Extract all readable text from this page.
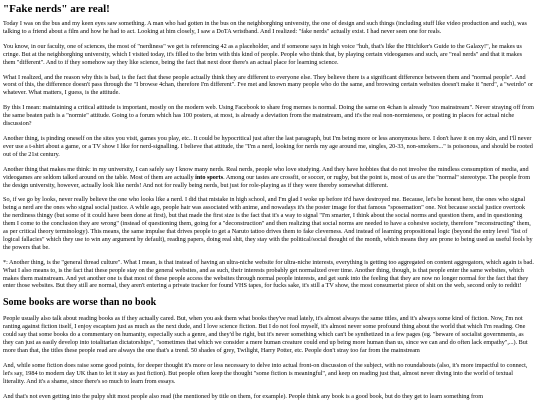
"Fake nerds" are real!

Today I was on the bus and my keen eyes saw something. A man who had gotten in the bus on the neighborghing university, the one of design and such things (including stuff like video production and such), was talking to a friend about a film and how he had to act. Looking at him closely, I saw a DoTA wristband. And I realized: "fake nerds" actually exist. I had never seen one for reals.

You know, in our faculty, one of sciences, the most of "nerdiness" we get is referencing 42 as a placeholder, and if someone says in high voice "huh, that's like the Hitchiker's Guide to the Galaxy!", he makes us cringe. But at the neighborghing university, which I visited today, it's filled to the brim with this kind of people. People who think that, by playing certain videogames and such, are "real nerds" and that it makes them "different". And to if they somehow say they like science, being the fact that next door there's an actual place for learning science.

What I realized, and the reason why this is bad, is the fact that these people actually think they are different to everyone else. They believe there is a significant difference between them and "normal people". And worst of this, the difference doesn't pass through the "I browse 4chan, therefore I'm different". I've met and known many people who do the same, and browsing certain websites doesn't make it "nerd", a "weirdo" or whatever. What matters, I guess, is the attitude.

By this I mean: maintaining a critical attitude is important, mostly on the modern web. Using Facebook to share frog memes is normal. Doing the same on 4chan is already "too mainstream". Never straying off from the same beaten path is a "normie" attitude. Going to a forum which has 100 posters, at most, is already a deviation from the mainstream, and it's the real non-normieness, or posting in places for actual niche discussion?

Another thing, is pinding oneself on the sites you visit, games you play, etc.. It could be hypocritical just after the last paragraph, but I'm being more or less anonymous here. I don't have it on my skin, and I'll never ever use a t-shirt about a game, or a TV show I like for nerd-signalling. I believe that attitude, the "I'm a nerd, looking for nerds my age around me, singles, 20-33, non-smokers..." is poisonous, and should be rooted out of the 21st century.

Another thing that makes me think: in my university, I can safely say I know many nerds. Real nerds, people who love studying. And they have hobbies that do not involve the mindless consumption of media, and videogames are seldom talked around on the table. Most of them are actually into sports. Among our tastes are crossfit, or soccer, or rugby, but the point is, most of us are the "normal" stereotype. The people from the design university, however, actually look like nerds! And not for really being nerds, but just for role-playing as if they were thereby somewhat different.

So, if we go by looks, never really believe the one who looks like a nerd. I did that mistake in high school, and I'm glad I woke up before it'd have destroyed me. Because, let's be honest here, the ones who signal being a nerd are the ones who signal social justice. A while ago, people hair was associated with anime, and nowadays it's the poster image for that famous "sposemation" one. Not because social justice overtook the nerdiness thingy (but some of it could have been done at first), but that made the first size is the fact that it's a way to signal "I'm smarter, I think about the social norms and question them, and in questioning them I come to the conclusion they are wrong" (instead of questioning them, going for a "deconstruction" and then realizing that social norms are needed to have a cohesive society, therefore "reconstructing" them, as per critical theory terminology). This means, the same impulse that drives people to get a Naruto tattoo drives them to fake cleverness. And instead of learning propositional logic (beyond the entry level "list of logical fallacies" which they use to win any argument by default), reading papers, doing real shit, they stay with the political/social thought of the month, which means they are prone to being used as useful fools by the powers that be.

*: Another thing, is the "general thread culture". What I mean, is that instead of having an ultra-niche website for ultra-niche interests, everything is getting too aggregated on content aggregators, which again is bad. What I also means to, is the fact that these people stay on the general websites, and as such, their interests probably get normalized over time. Another thing, though, is that people enter the same websites, which makes them mainstream. And yet another one is that most of these people access the websites through normal people interests, and get sunk into the feeling that they are now no longer normal for the fact that they enter those websites. But they still are normal, they aren't entering a private tracker for found VHS tapes, for fucks sake, it's still a TV show, the most consumerist piece of shit on the web, second only to reddit!

Some books are worse than no book

People usually also talk about reading books as if they actually cared. But, when you ask them what books they've read lately, it's almost always the same titles, and it's always some kind of fiction. Now, I'm not ranting against fiction itself, I enjoy escapism just as much as the next dude, and I love science fiction. But I do not fool myself, it's almost never some profound thing about the world that which I'm reading. One could say that some books do a commentary on humanity, especially such a genre, and they'd be right, but it's never something which can't be synthetized in a few pages (eg. "beware of socialist governments, as they can just as easily develop into totalitarian dictatorships", "sometimes that which we consider a mere human creature could end up being more human than us, since we can and do often lack empathy",...). But more than that, the titles these people read are always the one that's a trend. 50 shades of grey, Twilight, Harry Potter, etc. People don't stray too far from the mainstream

And, while some fiction does raise some good points, for deeper thought it's more or less necessary to delve into actual front-on discussion of the subject, with no roundabouts (also, it's more impactful to connect, let's say, 1984 to modern day UK than to let it stay as just fiction). But people often keep the thought "some fiction is meaningful", and keep on reading just that, almost never diving into the world of textual literality. And it's a shame, since there's so much to learn from essays.

And that's not even getting into the pulpy shit most people also read (the mentioned by title on them, for example). People think any book is a good book, but do they get to learn something from
